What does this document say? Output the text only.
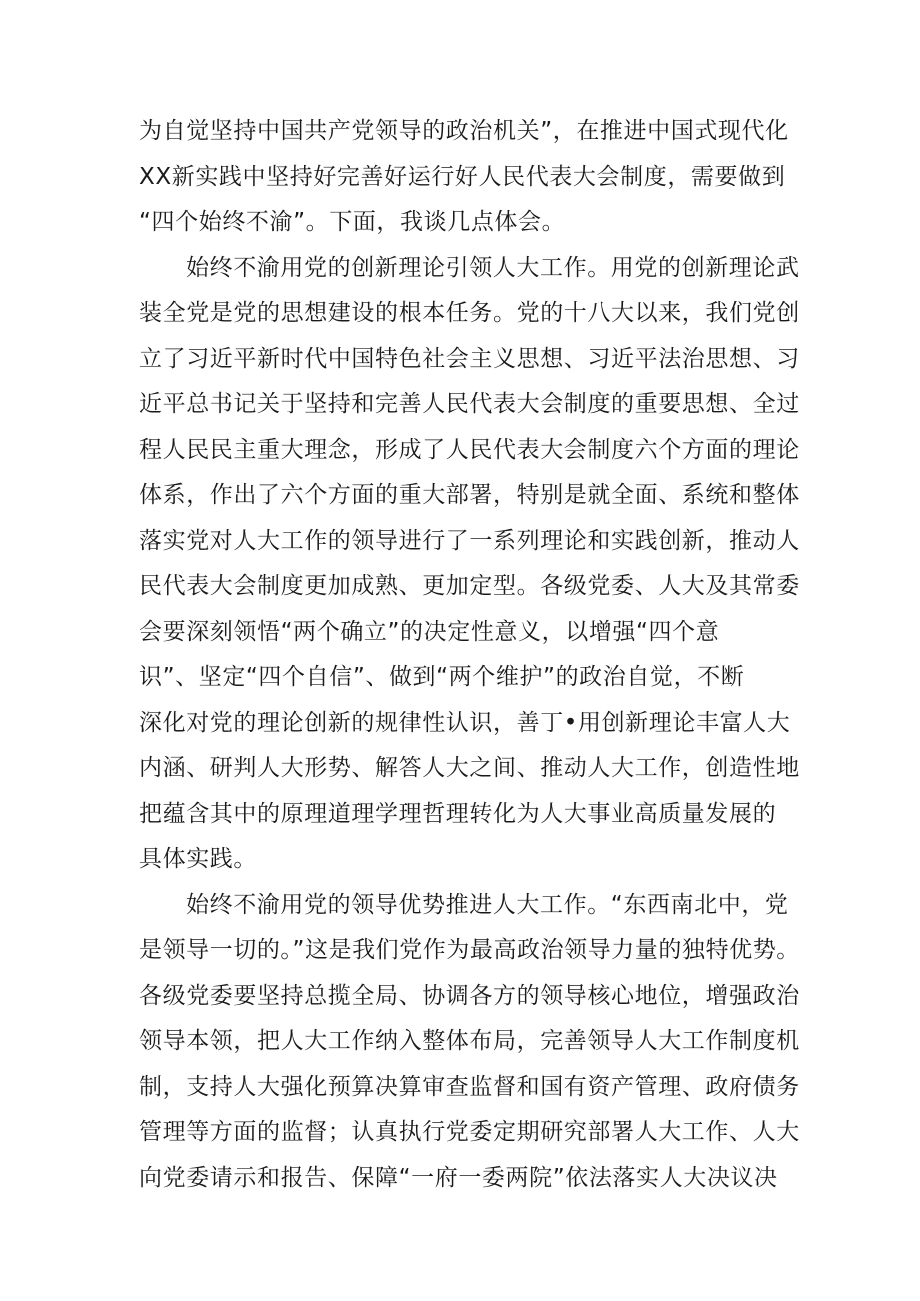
为自觉坚持中国共产党领导的政治机关”，在推进中国式现代化
XX新实践中坚持好完善好运行好人民代表大会制度，需要做到
“四个始终不渝”。下面，我谈几点体会。
始终不渝用党的创新理论引领人大工作。用党的创新理论武
装全党是党的思想建设的根本任务。党的十八大以来，我们党创
立了习近平新时代中国特色社会主义思想、习近平法治思想、习
近平总书记关于坚持和完善人民代表大会制度的重要思想、全过
程人民民主重大理念，形成了人民代表大会制度六个方面的理论
体系，作出了六个方面的重大部署，特别是就全面、系统和整体
落实党对人大工作的领导进行了一系列理论和实践创新，推动人
民代表大会制度更加成熟、更加定型。各级党委、人大及其常委
会要深刻领悟“两个确立”的决定性意义，以增强“四个意
识”、坚定“四个自信”、做到“两个维护”的政治自觉，不断
深化对党的理论创新的规律性认识，善丁•用创新理论丰富人大
内涵、研判人大形势、解答人大之间、推动人大工作，创造性地
把蕴含其中的原理道理学理哲理转化为人大事业高质量发展的
具体实践。
始终不渝用党的领导优势推进人大工作。“东西南北中，党
是领导一切的。”这是我们党作为最高政治领导力量的独特优势。
各级党委要坚持总揽全局、协调各方的领导核心地位，增强政治
领导本领，把人大工作纳入整体布局，完善领导人大工作制度机
制，支持人大强化预算决算审查监督和国有资产管理、政府债务
管理等方面的监督；认真执行党委定期研究部署人大工作、人大
向党委请示和报告、保障“一府一委两院”依法落实人大决议决
